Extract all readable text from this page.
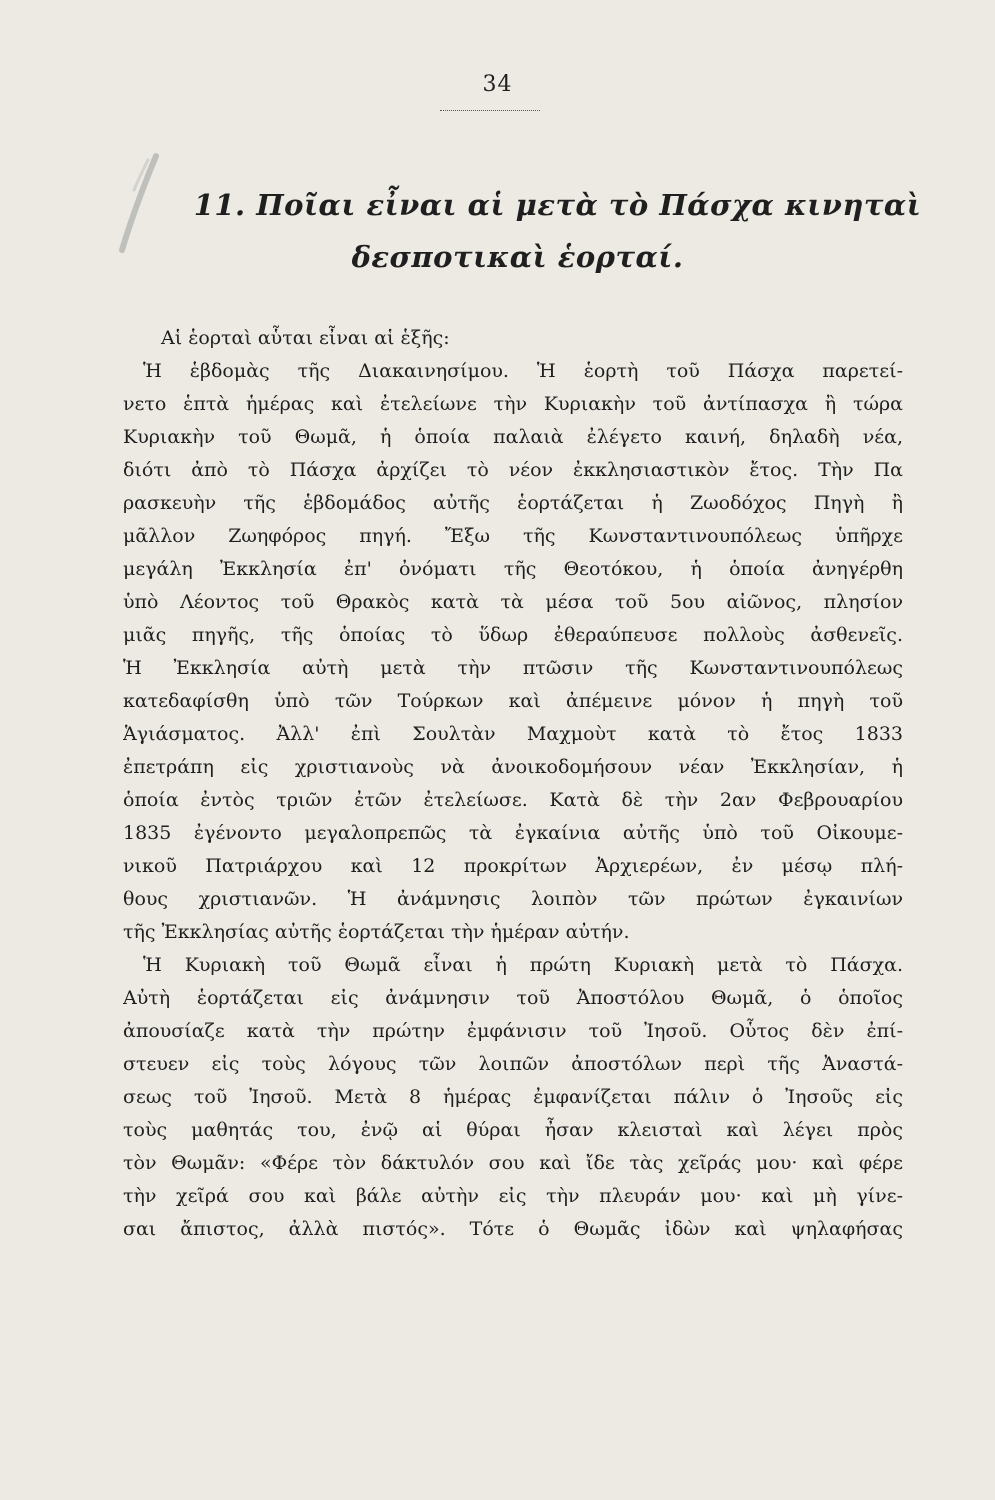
34
11. Ποῖαι εἶναι αἱ μετὰ τὸ Πάσχα κινηταὶ
δεσποτικαὶ ἑορταί.
Αἱ ἑορταὶ αὗται εἶναι αἱ ἑξῆς:
Ἡ ἑβδομὰς τῆς Διακαινησίμου. Ἡ ἑορτὴ τοῦ Πάσχα παρετεί-
νετο ἑπτὰ ἡμέρας καὶ ἐτελείωνε τὴν Κυριακὴν τοῦ ἀντίπασχα ἢ τώρα
Κυριακὴν τοῦ Θωμᾶ, ἡ ὁποία παλαιὰ ἐλέγετο καινή, δηλαδὴ νέα,
διότι ἀπὸ τὸ Πάσχα ἀρχίζει τὸ νέον ἐκκλησιαστικὸν ἔτος. Τὴν Πα
ρασκευὴν τῆς ἑβδομάδος αὐτῆς ἑορτάζεται ἡ Ζωοδόχος Πηγὴ ἢ
μᾶλλον Ζωηφόρος πηγή. Ἔξω τῆς Κωνσταντινουπόλεως ὑπῆρχε
μεγάλη Ἐκκλησία ἐπ' ὀνόματι τῆς Θεοτόκου, ἡ ὁποία ἀνηγέρθη
ὑπὸ Λέοντος τοῦ Θρακὸς κατὰ τὰ μέσα τοῦ 5ου αἰῶνος, πλησίον
μιᾶς πηγῆς, τῆς ὁποίας τὸ ὕδωρ ἐθεραύπευσε πολλοὺς ἀσθενεῖς.
Ἡ Ἐκκλησία αὐτὴ μετὰ τὴν πτῶσιν τῆς Κωνσταντινουπόλεως
κατεδαφίσθη ὑπὸ τῶν Τούρκων καὶ ἀπέμεινε μόνον ἡ πηγὴ τοῦ
Ἁγιάσματος. Ἀλλ' ἐπὶ Σουλτὰν Μαχμοὺτ κατὰ τὸ ἔτος 1833
ἐπετράπη εἰς χριστιανοὺς νὰ ἀνοικοδομήσουν νέαν Ἐκκλησίαν, ἡ
ὁποία ἐντὸς τριῶν ἐτῶν ἐτελείωσε. Κατὰ δὲ τὴν 2αν Φεβρουαρίου
1835 ἐγένοντο μεγαλοπρεπῶς τὰ ἐγκαίνια αὐτῆς ὑπὸ τοῦ Οἰκουμε-
νικοῦ Πατριάρχου καὶ 12 προκρίτων Ἀρχιερέων, ἐν μέσῳ πλή-
θους χριστιανῶν. Ἡ ἀνάμνησις λοιπὸν τῶν πρώτων ἐγκαινίων
τῆς Ἐκκλησίας αὐτῆς ἑορτάζεται τὴν ἡμέραν αὐτήν.
Ἡ Κυριακὴ τοῦ Θωμᾶ εἶναι ἡ πρώτη Κυριακὴ μετὰ τὸ Πάσχα.
Αὐτὴ ἑορτάζεται εἰς ἀνάμνησιν τοῦ Ἀποστόλου Θωμᾶ, ὁ ὁποῖος
ἀπουσίαζε κατὰ τὴν πρώτην ἐμφάνισιν τοῦ Ἰησοῦ. Οὗτος δὲν ἐπί-
στευεν εἰς τοὺς λόγους τῶν λοιπῶν ἀποστόλων περὶ τῆς Ἀναστά-
σεως τοῦ Ἰησοῦ. Μετὰ 8 ἡμέρας ἐμφανίζεται πάλιν ὁ Ἰησοῦς εἰς
τοὺς μαθητάς του, ἐνῷ αἱ θύραι ἦσαν κλεισταὶ καὶ λέγει πρὸς
τὸν Θωμᾶν: «Φέρε τὸν δάκτυλόν σου καὶ ἴδε τὰς χεῖράς μου· καὶ φέρε
τὴν χεῖρά σου καὶ βάλε αὐτὴν εἰς τὴν πλευράν μου· καὶ μὴ γίνε-
σαι ἄπιστος, ἀλλὰ πιστός». Τότε ὁ Θωμᾶς ἰδὼν καὶ ψηλαφήσας
